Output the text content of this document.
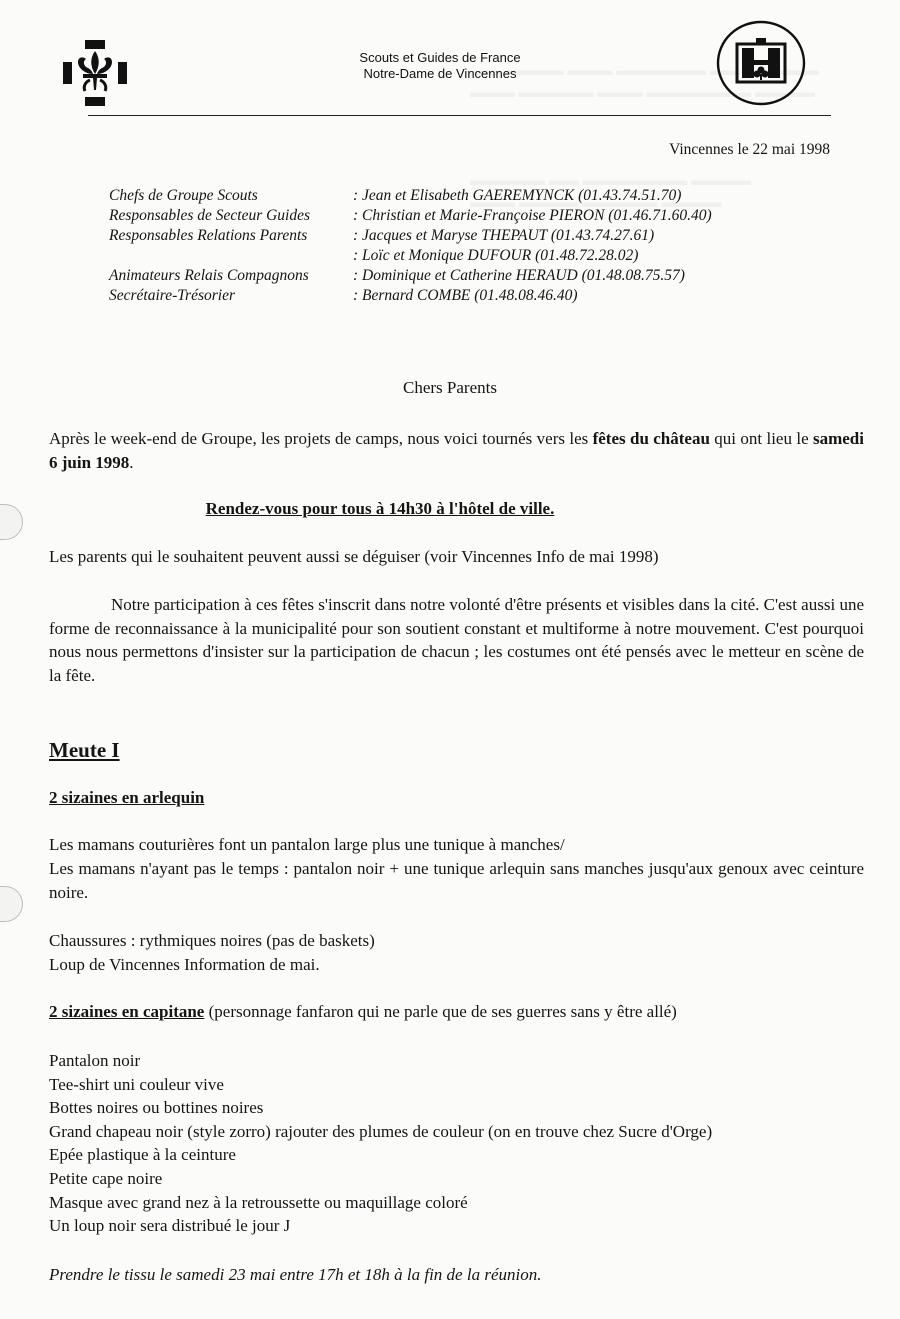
Scouts et Guides de France
Notre-Dame de Vincennes
Vincennes le 22 mai 1998
Chefs de Groupe Scouts	: Jean et Elisabeth GAEREMYNCK (01.43.74.51.70)
Responsables de Secteur Guides	: Christian et Marie-Françoise PIERON (01.46.71.60.40)
Responsables Relations Parents	: Jacques et Maryse THEPAUT (01.43.74.27.61)
: Loïc et Monique DUFOUR (01.48.72.28.02)
Animateurs Relais Compagnons	: Dominique et Catherine HERAUD (01.48.08.75.57)
Secrétaire-Trésorier	: Bernard COMBE (01.48.08.46.40)
Chers Parents
Après le week-end de Groupe, les projets de camps, nous voici tournés vers les fêtes du château qui ont lieu le samedi 6 juin 1998.
Rendez-vous pour tous à 14h30 à l'hôtel de ville.
Les parents qui le souhaitent peuvent aussi se déguiser (voir Vincennes Info de mai 1998)
Notre participation à ces fêtes s'inscrit dans notre volonté d'être présents et visibles dans la cité. C'est aussi une forme de reconnaissance à la municipalité pour son soutient constant et multiforme à notre mouvement. C'est pourquoi nous nous permettons d'insister sur la participation de chacun ; les costumes ont été pensés avec le metteur en scène de la fête.
Meute I
2 sizaines en arlequin
Les mamans couturières font un pantalon large plus une tunique à manches/
Les mamans n'ayant pas le temps : pantalon noir + une tunique arlequin sans manches jusqu'aux genoux avec ceinture noire.
Chaussures : rythmiques noires (pas de baskets)
Loup de Vincennes Information de mai.
2 sizaines en capitane (personnage fanfaron qui ne parle que de ses guerres sans y être allé)
Pantalon noir
Tee-shirt uni couleur vive
Bottes noires ou bottines noires
Grand chapeau noir (style zorro) rajouter des plumes de couleur (on en trouve chez Sucre d'Orge)
Epée plastique à la ceinture
Petite cape noire
Masque avec grand nez à la retroussette ou maquillage coloré
Un loup noir sera distribué le jour J
Prendre le tissu le samedi 23 mai entre 17h et 18h à la fin de la réunion.
